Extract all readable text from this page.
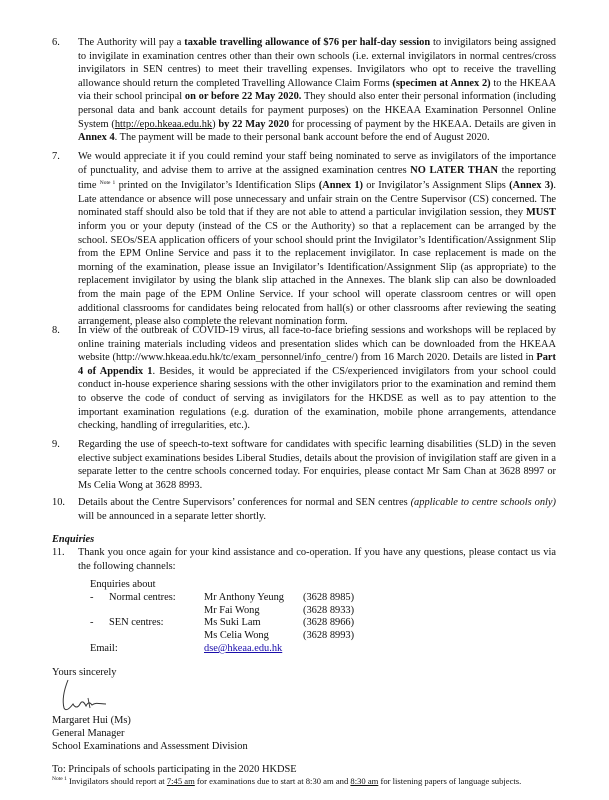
6.	The Authority will pay a taxable travelling allowance of $76 per half-day session to invigilators being assigned to invigilate in examination centres other than their own schools (i.e. external invigilators in normal centres/cross invigilators in SEN centres) to meet their travelling expenses. Invigilators who opt to receive the travelling allowance should return the completed Travelling Allowance Claim Forms (specimen at Annex 2) to the HKEAA via their school principal on or before 22 May 2020. They should also enter their personal information (including personal data and bank account details for payment purposes) on the HKEAA Examination Personnel Online System (http://epo.hkeaa.edu.hk) by 22 May 2020 for processing of payment by the HKEAA. Details are given in Annex 4. The payment will be made to their personal bank account before the end of August 2020.
7.	We would appreciate it if you could remind your staff being nominated to serve as invigilators of the importance of punctuality, and advise them to arrive at the assigned examination centres NO LATER THAN the reporting time $^{Note 1}$ printed on the Invigilator’s Identification Slips (Annex 1) or Invigilator’s Assignment Slips (Annex 3). Late attendance or absence will pose unnecessary and unfair strain on the Centre Supervisor (CS) concerned. The nominated staff should also be told that if they are not able to attend a particular invigilation session, they MUST inform you or your deputy (instead of the CS or the Authority) so that a replacement can be arranged by the school. SEOs/SEA application officers of your school should print the Invigilator’s Identification/Assignment Slip from the EPM Online Service and pass it to the replacement invigilator. In case replacement is made on the morning of the examination, please issue an Invigilator’s Identification/Assignment Slip (as appropriate) to the replacement invigilator by using the blank slip attached in the Annexes. The blank slip can also be downloaded from the main page of the EPM Online Service. If your school will operate classroom centres or will open additional classrooms for candidates being relocated from hall(s) or other classrooms after reviewing the seating arrangement, please also complete the relevant nomination form.
8.	In view of the outbreak of COVID-19 virus, all face-to-face briefing sessions and workshops will be replaced by online training materials including videos and presentation slides which can be downloaded from the HKEAA website (http://www.hkeaa.edu.hk/tc/exam_personnel/info_centre/) from 16 March 2020. Details are listed in Part 4 of Appendix 1. Besides, it would be appreciated if the CS/experienced invigilators from your school could conduct in-house experience sharing sessions with the other invigilators prior to the examination and remind them to observe the code of conduct of serving as invigilators for the HKDSE as well as to pay attention to the important examination regulations (e.g. duration of the examination, mobile phone arrangements, attendance checking, handling of irregularities, etc.).
9.	Regarding the use of speech-to-text software for candidates with specific learning disabilities (SLD) in the seven elective subject examinations besides Liberal Studies, details about the provision of invigilation staff are given in a separate letter to the centre schools concerned today. For enquiries, please contact Mr Sam Chan at 3628 8997 or Ms Celia Wong at 3628 8993.
10.	Details about the Centre Supervisors’ conferences for normal and SEN centres (applicable to centre schools only) will be announced in a separate letter shortly.
Enquiries
11.	Thank you once again for your kind assistance and co-operation. If you have any questions, please contact us via the following channels:
Enquiries about
- Normal centres:	Mr Anthony Yeung (3628 8985)
Mr Fai Wong	(3628 8933)
- SEN centres:	Ms Suki Lam	(3628 8966)
Ms Celia Wong	(3628 8993)
Email:	dse@hkeaa.edu.hk
Yours sincerely
Margaret Hui (Ms)
General Manager
School Examinations and Assessment Division
To: Principals of schools participating in the 2020 HKDSE
$^{Note 1}$ Invigilators should report at 7:45 am for examinations due to start at 8:30 am and 8:30 am for listening papers of language subjects.
